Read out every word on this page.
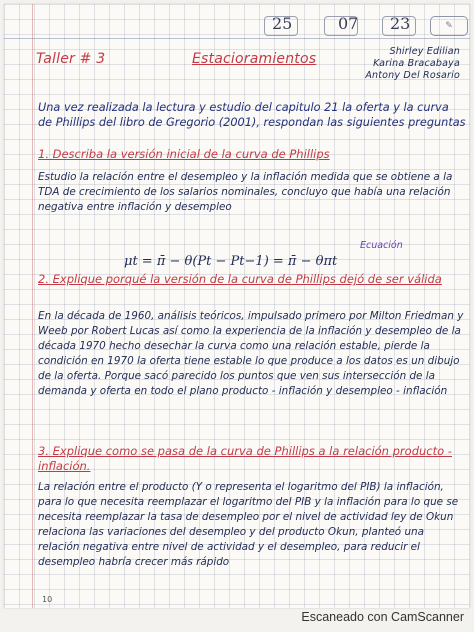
25	07 23	✎
Taller # 3	Estacioramientos	Shirley Edilian
Karina Bracabaya
Antony Del Rosario
Una vez realizada la lectura y estudio del capitulo 21 la oferta y la curva de Phillips del libro de Gregorio (2001), respondan las siguientes preguntas
1. Describa la versión inicial de la curva de Phillips
Estudio la relación entre el desempleo y la inflación medida que se obtiene a la TDA de crecimiento de los salarios nominales, concluyo que había una relación negativa entre inflación y desempleo
Ecuación
μt = π̄ − θ(Pt − Pt−1) = π̄ − θπt
2. Explique porqué la versión de la curva de Phillips dejó de ser válida
En la década de 1960, análisis teóricos, impulsado primero por Milton Friedman y Weeb por Robert Lucas así como la experiencia de la inflación y desempleo de la década 1970 hecho desechar la curva como una relación estable, pierde la condición en 1970 la oferta tiene estable lo que produce a los datos es un dibujo de la oferta. Porque sacó parecido los puntos que ven sus intersección de la demanda y oferta en todo el plano producto - inflación y desempleo - inflación
3. Explique como se pasa de la curva de Phillips a la relación producto - inflación.
La relación entre el producto (Y o representa el logaritmo del PIB) la inflación, para lo que necesita reemplazar el logaritmo del PIB y la inflación para lo que se necesita reemplazar la tasa de desempleo por el nivel de actividad ley de Okun relaciona las variaciones del desempleo y del producto Okun, planteó una relación negativa entre nivel de actividad y el desempleo, para reducir el desempleo habría crecer más rápido
10
Escaneado con CamScanner
